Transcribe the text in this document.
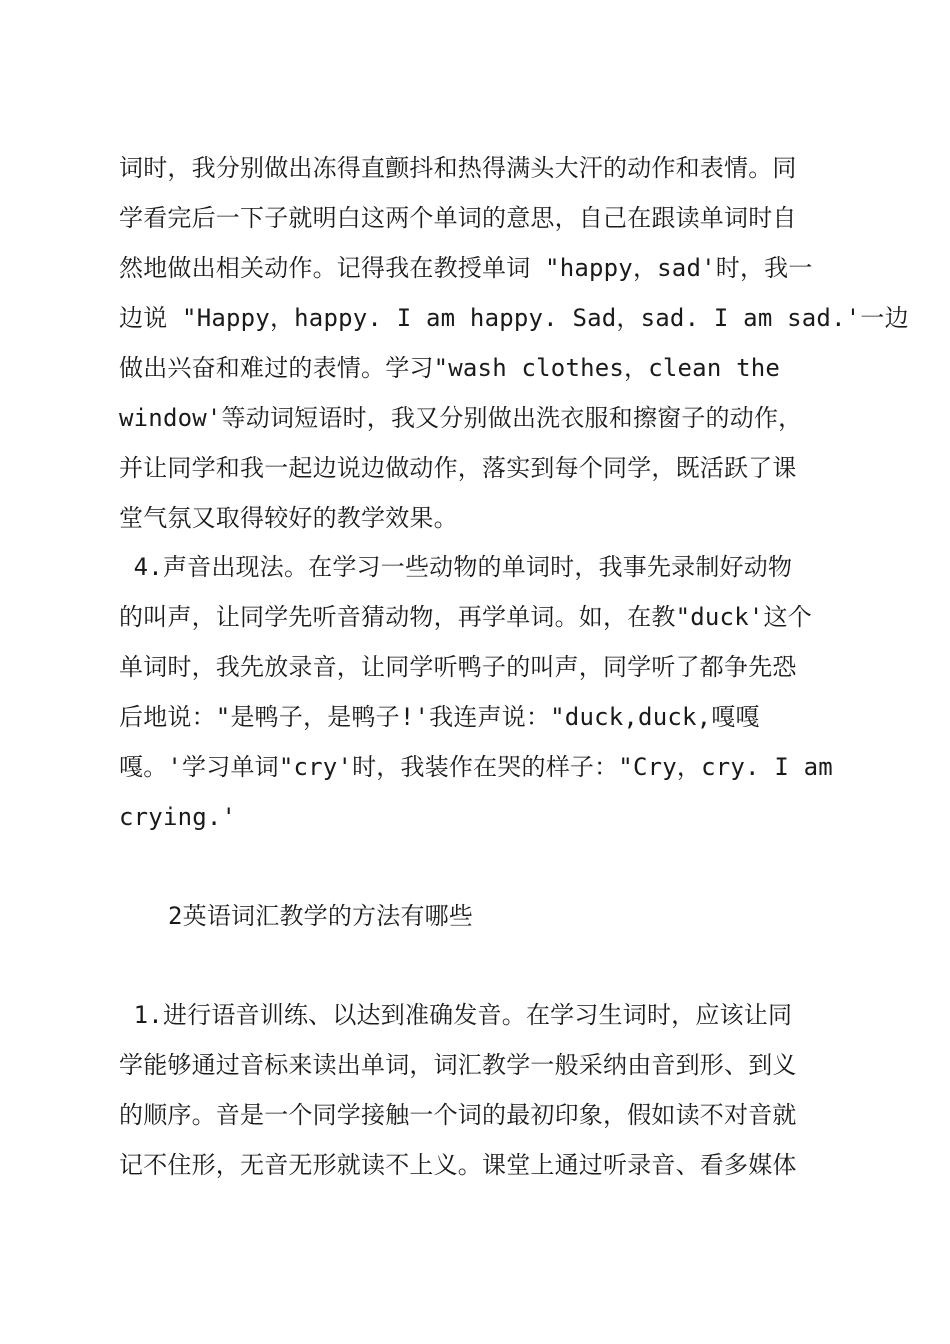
词时，我分别做出冻得直颤抖和热得满头大汗的动作和表情。同
学看完后一下子就明白这两个单词的意思，自己在跟读单词时自
然地做出相关动作。记得我在教授单词 "happy，sad'时，我一
边说 "Happy，happy. I am happy. Sad，sad. I am sad.'一边
做出兴奋和难过的表情。学习"wash clothes，clean the
window'等动词短语时，我又分别做出洗衣服和擦窗子的动作，
并让同学和我一起边说边做动作，落实到每个同学，既活跃了课
堂气氛又取得较好的教学效果。
4.声音出现法。在学习一些动物的单词时，我事先录制好动物
的叫声，让同学先听音猜动物，再学单词。如，在教"duck'这个
单词时，我先放录音，让同学听鸭子的叫声，同学听了都争先恐
后地说："是鸭子，是鸭子!'我连声说："duck,duck,嘎嘎
嘎。'学习单词"cry'时，我装作在哭的样子："Cry，cry. I am
crying.'
2英语词汇教学的方法有哪些
1.进行语音训练、以达到准确发音。在学习生词时，应该让同
学能够通过音标来读出单词，词汇教学一般采纳由音到形、到义
的顺序。音是一个同学接触一个词的最初印象，假如读不对音就
记不住形，无音无形就读不上义。课堂上通过听录音、看多媒体
